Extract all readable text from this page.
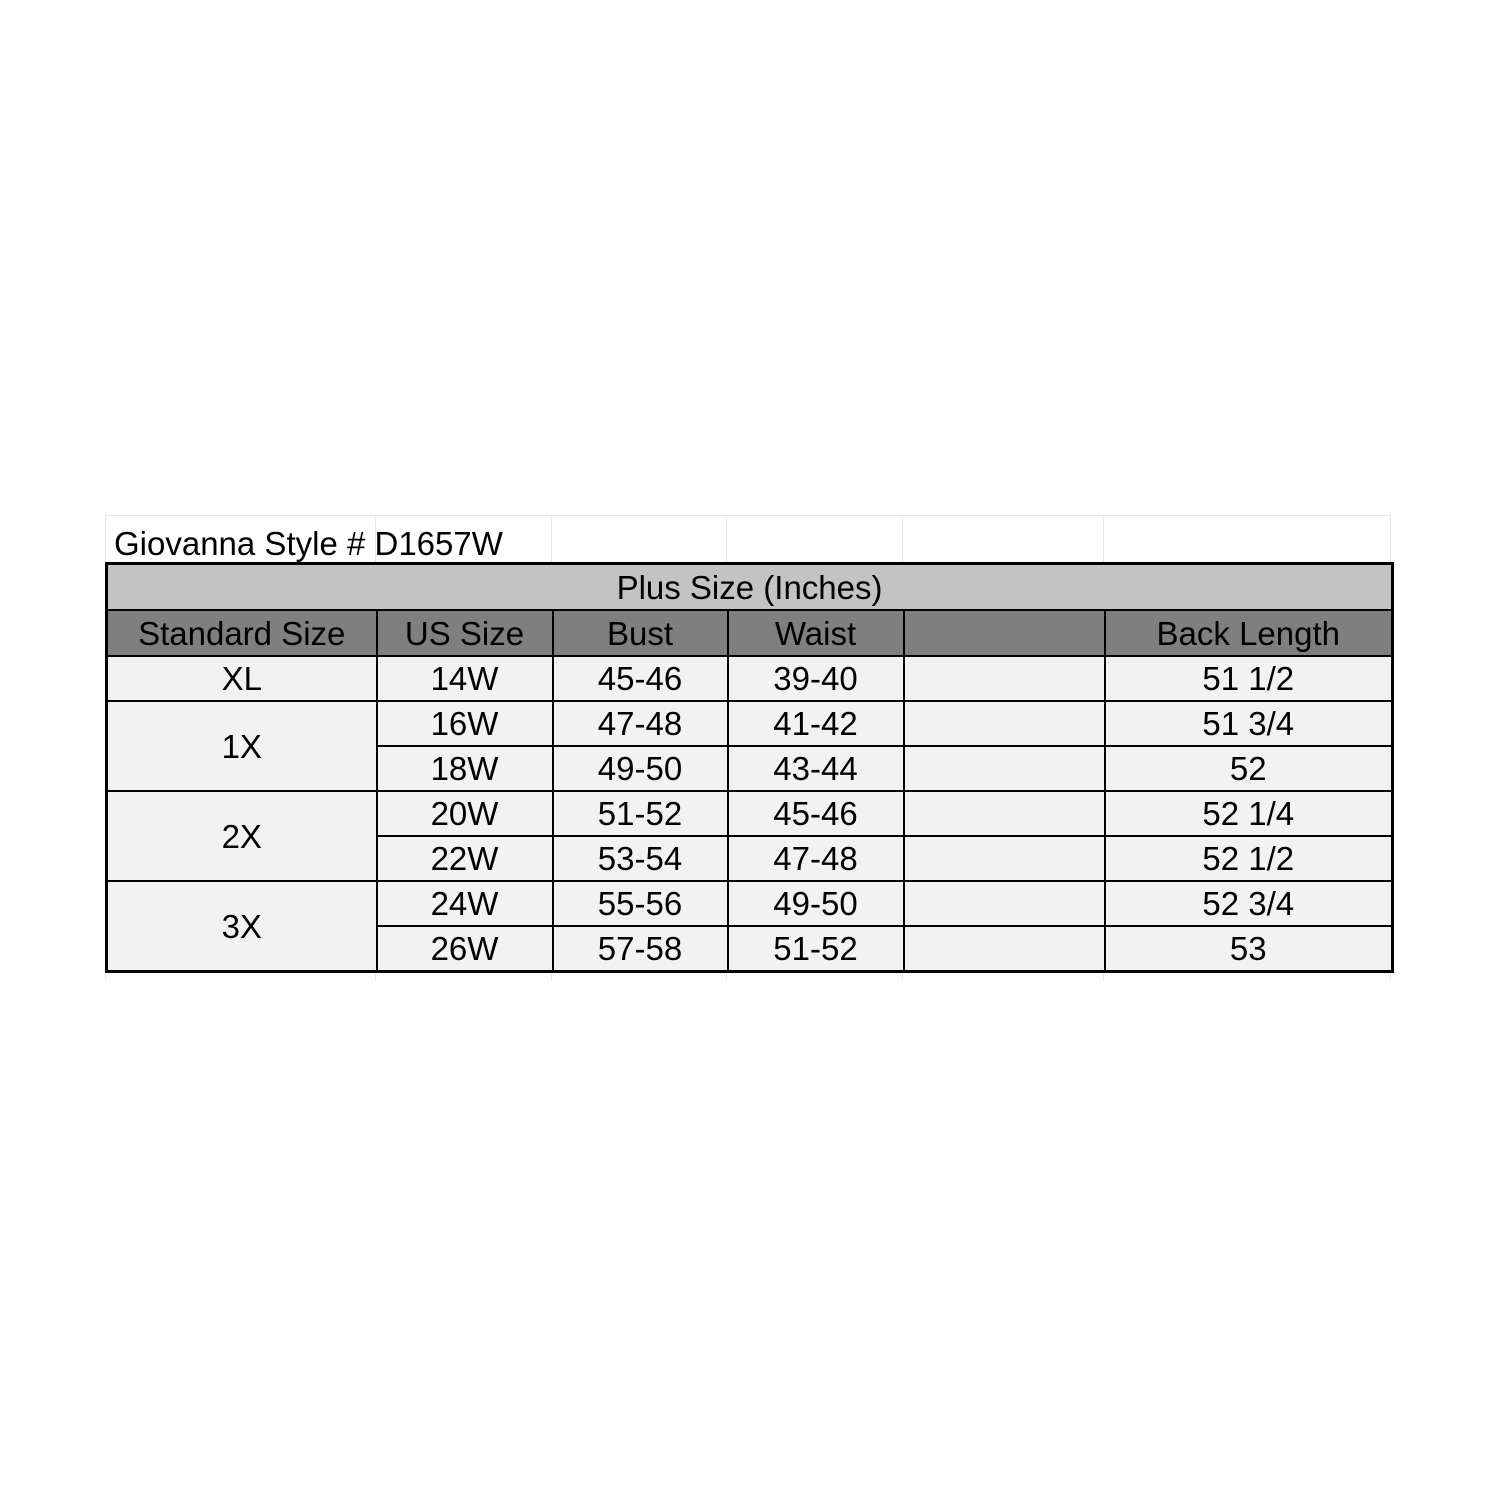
Giovanna Style # D1657W
Plus Size (Inches)					
Standard Size	US Size	Bust	Waist		Back Length
XL	14W	45-46	39-40		51 1/2
1X	16W	47-48	41-42		51 3/4
	18W	49-50	43-44		52
2X	20W	51-52	45-46		52 1/4
	22W	53-54	47-48		52 1/2
3X	24W	55-56	49-50		52 3/4
	26W	57-58	51-52		53
